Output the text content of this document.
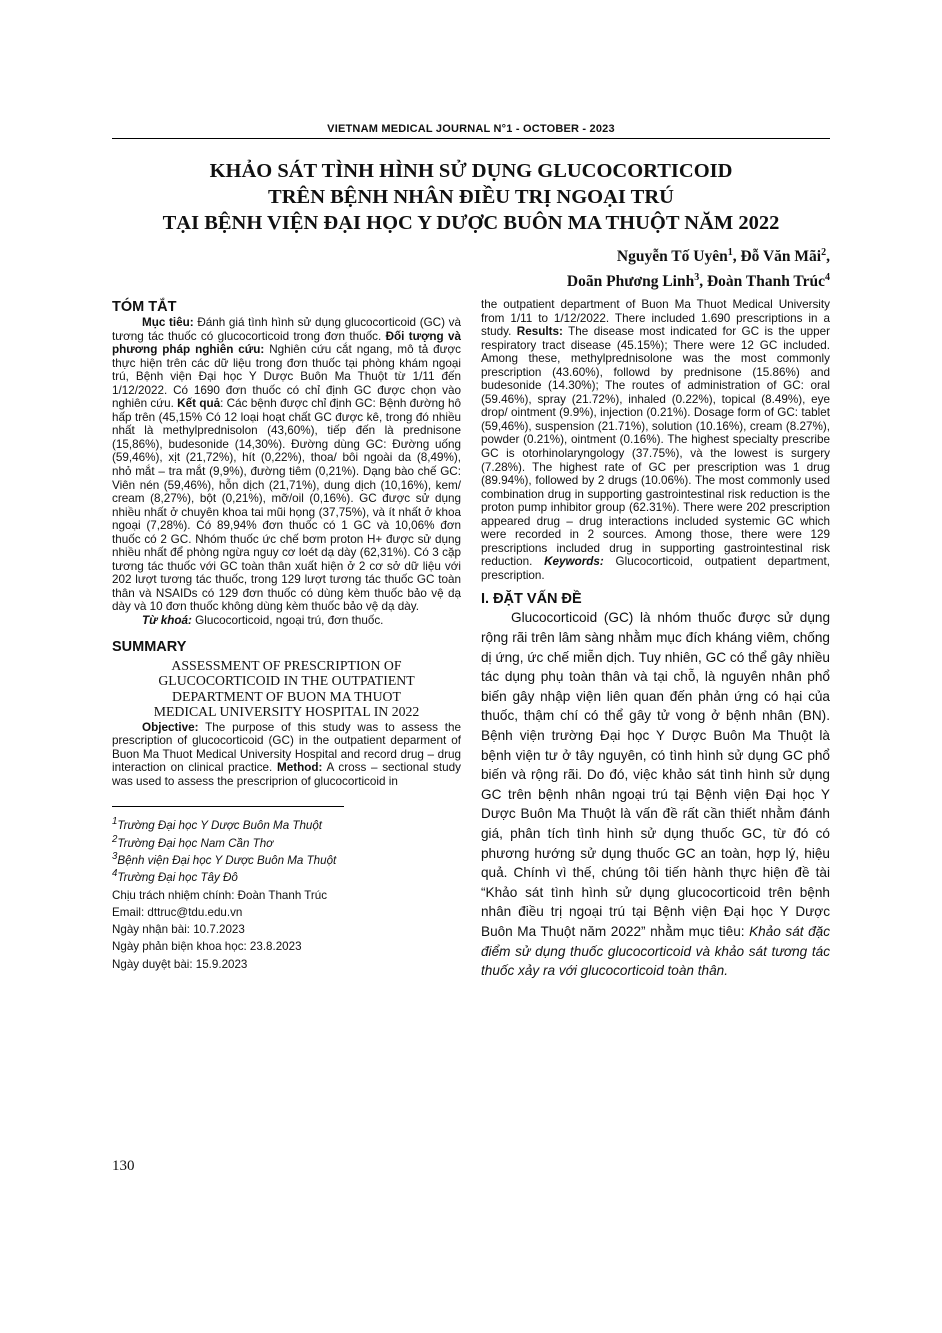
VIETNAM MEDICAL JOURNAL N°1 - OCTOBER - 2023
KHẢO SÁT TÌNH HÌNH SỬ DỤNG GLUCOCORTICOID
TRÊN BỆNH NHÂN ĐIỀU TRỊ NGOẠI TRÚ
TẠI BỆNH VIỆN ĐẠI HỌC Y DƯỢC BUÔN MA THUỘT NĂM 2022
Nguyễn Tố Uyên$^1$, Đỗ Văn Mãi$^2$,
Doãn Phương Linh$^3$, Đoàn Thanh Trúc$^4$
TÓM TẮT
Mục tiêu: Đánh giá tình hình sử dụng glucocorticoid (GC) và tương tác thuốc có glucocorticoid trong đơn thuốc. Đối tượng và phương pháp nghiên cứu: Nghiên cứu cắt ngang, mô tả được thực hiện trên các dữ liệu trong đơn thuốc tại phòng khám ngoại trú, Bệnh viện Đại học Y Dược Buôn Ma Thuột từ 1/11 đến 1/12/2022. Có 1690 đơn thuốc có chỉ định GC được chọn vào nghiên cứu. Kết quả: Các bệnh được chỉ định GC: Bệnh đường hô hấp trên (45,15% Có 12 loại hoạt chất GC được kê, trong đó nhiều nhất là methylprednisolon (43,60%), tiếp đến là prednisone (15,86%), budesonide (14,30%). Đường dùng GC: Đường uống (59,46%), xịt (21,72%), hít (0,22%), thoa/ bôi ngoài da (8,49%), nhỏ mắt – tra mắt (9,9%), đường tiêm (0,21%). Dạng bào chế GC: Viên nén (59,46%), hỗn dịch (21,71%), dung dịch (10,16%), kem/ cream (8,27%), bột (0,21%), mỡ/oil (0,16%). GC được sử dụng nhiều nhất ở chuyên khoa tai mũi họng (37,75%), và ít nhất ở khoa ngoại (7,28%). Có 89,94% đơn thuốc có 1 GC và 10,06% đơn thuốc có 2 GC. Nhóm thuốc ức chế bơm proton H+ được sử dụng nhiều nhất để phòng ngừa nguy cơ loét dạ dày (62,31%). Có 3 cặp tương tác thuốc với GC toàn thân xuất hiện ở 2 cơ sở dữ liệu với 202 lượt tương tác thuốc, trong 129 lượt tương tác thuốc GC toàn thân và NSAIDs có 129 đơn thuốc có dùng kèm thuốc bảo vệ dạ dày và 10 đơn thuốc không dùng kèm thuốc bảo vệ dạ dày.
Từ khoá: Glucocorticoid, ngoại trú, đơn thuốc.
SUMMARY
ASSESSMENT OF PRESCRIPTION OF
GLUCOCORTICOID IN THE OUTPATIENT
DEPARTMENT OF BUON MA THUOT
MEDICAL UNIVERSITY HOSPITAL IN 2022
Objective: The purpose of this study was to assess the prescription of glucocorticoid (GC) in the outpatient deparment of Buon Ma Thuot Medical University Hospital and record drug – drug interaction on clinical practice. Method: A cross – sectional study was used to assess the prescriprion of glucocorticoid in
$^1$Trường Đại học Y Dược Buôn Ma Thuột
$^2$Trường Đại học Nam Cần Thơ
$^3$Bệnh viện Đại học Y Dược Buôn Ma Thuột
$^4$Trường Đại học Tây Đô
Chịu trách nhiệm chính: Đoàn Thanh Trúc
Email: dttruc@tdu.edu.vn
Ngày nhận bài: 10.7.2023
Ngày phản biện khoa học: 23.8.2023
Ngày duyệt bài: 15.9.2023
the outpatient department of Buon Ma Thuot Medical University from 1/11 to 1/12/2022. There included 1.690 prescriptions in a study. Results: The disease most indicated for GC is the upper respiratory tract disease (45.15%); There were 12 GC included. Among these, methylprednisolone was the most commonly prescription (43.60%), followd by prednisone (15.86%) and budesonide (14.30%); The routes of administration of GC: oral (59.46%), spray (21.72%), inhaled (0.22%), topical (8.49%), eye drop/ ointment (9.9%), injection (0.21%). Dosage form of GC: tablet (59,46%), suspension (21.71%), solution (10.16%), cream (8.27%), powder (0.21%), ointment (0.16%). The highest specialty prescribe GC is otorhinolaryngology (37.75%), và the lowest is surgery (7.28%). The highest rate of GC per prescription was 1 drug (89.94%), followed by 2 drugs (10.06%). The most commonly used combination drug in supporting gastrointestinal risk reduction is the proton pump inhibitor group (62.31%). There were 202 prescription appeared drug – drug interactions included systemic GC which were recorded in 2 sources. Among those, there were 129 prescriptions included drug in supporting gastrointestinal risk reduction. Keywords: Glucocorticoid, outpatient department, prescription.
I. ĐẶT VẤN ĐỀ
Glucocorticoid (GC) là nhóm thuốc được sử dụng rộng rãi trên lâm sàng nhằm mục đích kháng viêm, chống dị ứng, ức chế miễn dịch. Tuy nhiên, GC có thể gây nhiều tác dụng phụ toàn thân và tại chỗ, là nguyên nhân phổ biến gây nhập viện liên quan đến phản ứng có hại của thuốc, thậm chí có thể gây tử vong ở bệnh nhân (BN). Bệnh viện trường Đại học Y Dược Buôn Ma Thuột là bệnh viện tư ở tây nguyên, có tình hình sử dụng GC phổ biến và rộng rãi. Do đó, việc khảo sát tình hình sử dụng GC trên bệnh nhân ngoại trú tại Bệnh viện Đại học Y Dược Buôn Ma Thuột là vấn đề rất cần thiết nhằm đánh giá, phân tích tình hình sử dụng thuốc GC, từ đó có phương hướng sử dụng thuốc GC an toàn, hợp lý, hiệu quả. Chính vì thế, chúng tôi tiến hành thực hiện đề tài “Khảo sát tình hình sử dụng glucocorticoid trên bệnh nhân điều trị ngoại trú tại Bệnh viện Đại học Y Dược Buôn Ma Thuột năm 2022” nhằm mục tiêu: Khảo sát đặc điểm sử dụng thuốc glucocorticoid và khảo sát tương tác thuốc xảy ra với glucocorticoid toàn thân.
130
